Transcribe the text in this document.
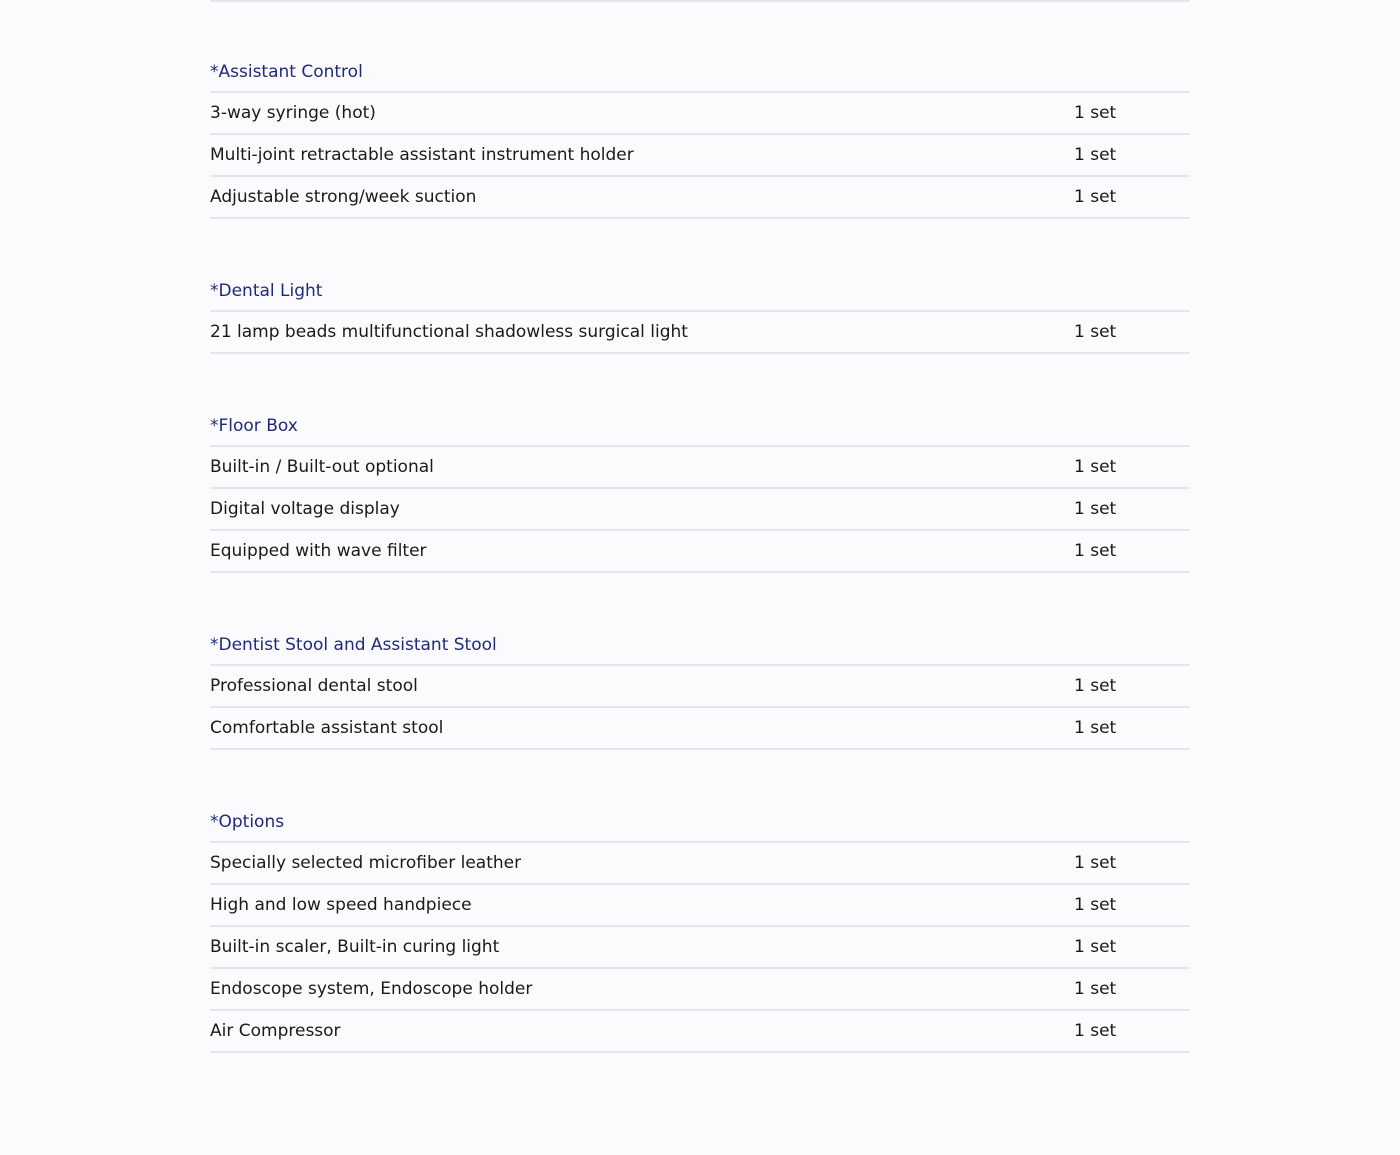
*Assistant Control
3-way syringe (hot)	1 set
Multi-joint retractable assistant instrument holder	1 set
Adjustable strong/week suction	1 set
*Dental Light
21 lamp beads multifunctional shadowless surgical light	1 set
*Floor Box
Built-in / Built-out optional	1 set
Digital voltage display	1 set
Equipped with wave filter	1 set
*Dentist Stool and Assistant Stool
Professional dental stool	1 set
Comfortable assistant stool	1 set
*Options
Specially selected microfiber leather	1 set
High and low speed handpiece	1 set
Built-in scaler, Built-in curing light	1 set
Endoscope system, Endoscope holder	1 set
Air Compressor	1 set
